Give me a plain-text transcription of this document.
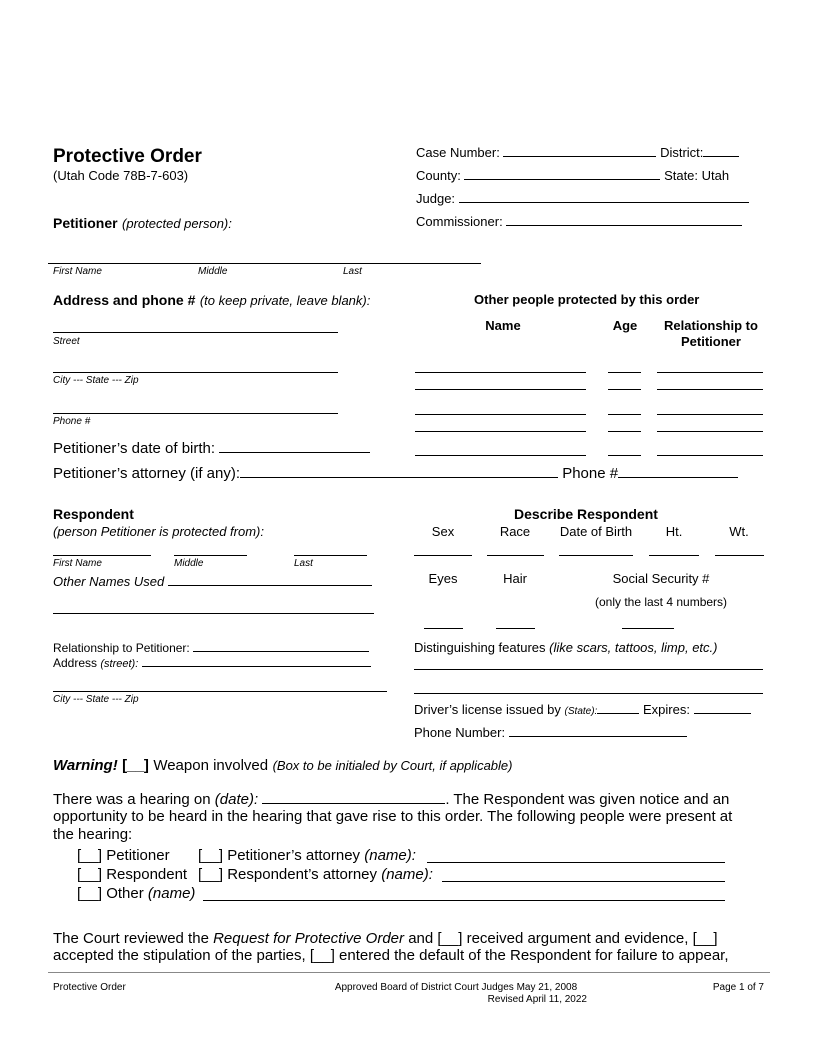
Protective Order
(Utah Code 78B-7-603)
Petitioner (protected person):
Case Number:	District:
County:	State: Utah
Judge:
Commissioner:
First Name	Middle	Last
Address and phone # (to keep private, leave blank):
Street
City --- State --- Zip
Phone #
Petitioner’s date of birth:
Petitioner’s attorney (if any):	Phone #
Other people protected by this order
Name	Age	Relationship to
Petitioner
Respondent
(person Petitioner is protected from):
First Name	Middle	Last
Other Names Used
Relationship to Petitioner:
Address (street):
City --- State --- Zip
Describe Respondent
Sex	Race	Date of Birth	Ht.	Wt.
Eyes	Hair	Social Security #
(only the last 4 numbers)
Distinguishing features (like scars, tattoos, limp, etc.)
Driver’s license issued by (State):	Expires:
Phone Number:
Warning! [__] Weapon involved (Box to be initialed by Court, if applicable)
There was a hearing on (date):	. The Respondent was given notice and an
opportunity to be heard in the hearing that gave rise to this order. The following people were present at
the hearing:
[__] Petitioner [__] Petitioner’s attorney (name):
[__] Respondent [__] Respondent’s attorney (name):
[__] Other (name)
The Court reviewed the Request for Protective Order and [__] received argument and evidence, [__]
accepted the stipulation of the parties, [__] entered the default of the Respondent for failure to appear,
Protective Order	Approved Board of District Court Judges May 21, 2008
Revised April 11, 2022
Page 1 of 7
